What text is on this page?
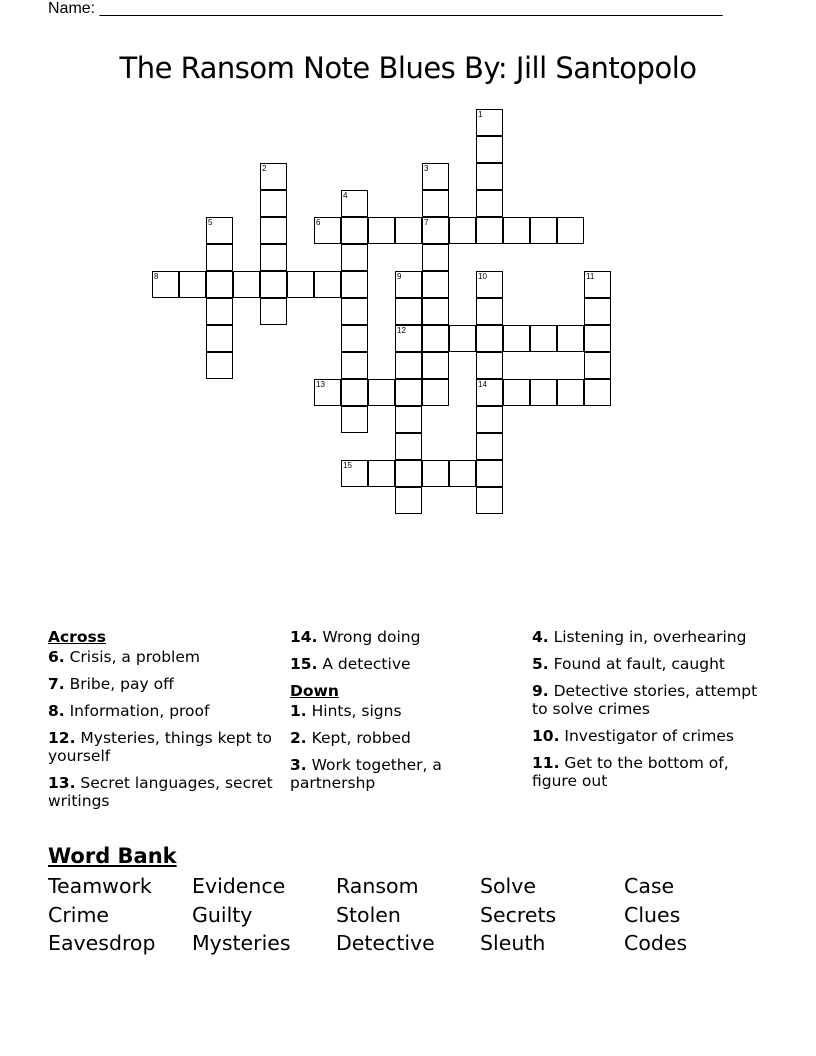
Name: ______________________________________________________________________
The Ransom Note Blues By: Jill Santopolo
1
2	3
7
4
5	6
8	9
12
10
14
11
13
15
Across
6. Crisis, a problem
7. Bribe, pay off
8. Information, proof
12. Mysteries, things kept to yourself
13. Secret languages, secret writings
14. Wrong doing
15. A detective
Down
1. Hints, signs
2. Kept, robbed
3. Work together, a partnershp
4. Listening in, overhearing
5. Found at fault, caught
9. Detective stories, attempt to solve crimes
10. Investigator of crimes
11. Get to the bottom of, figure out
Word Bank
Teamwork	Evidence	Ransom	Solve	Case
Crime	Guilty	Stolen	Secrets	Clues
Eavesdrop	Mysteries	Detective	Sleuth	Codes
